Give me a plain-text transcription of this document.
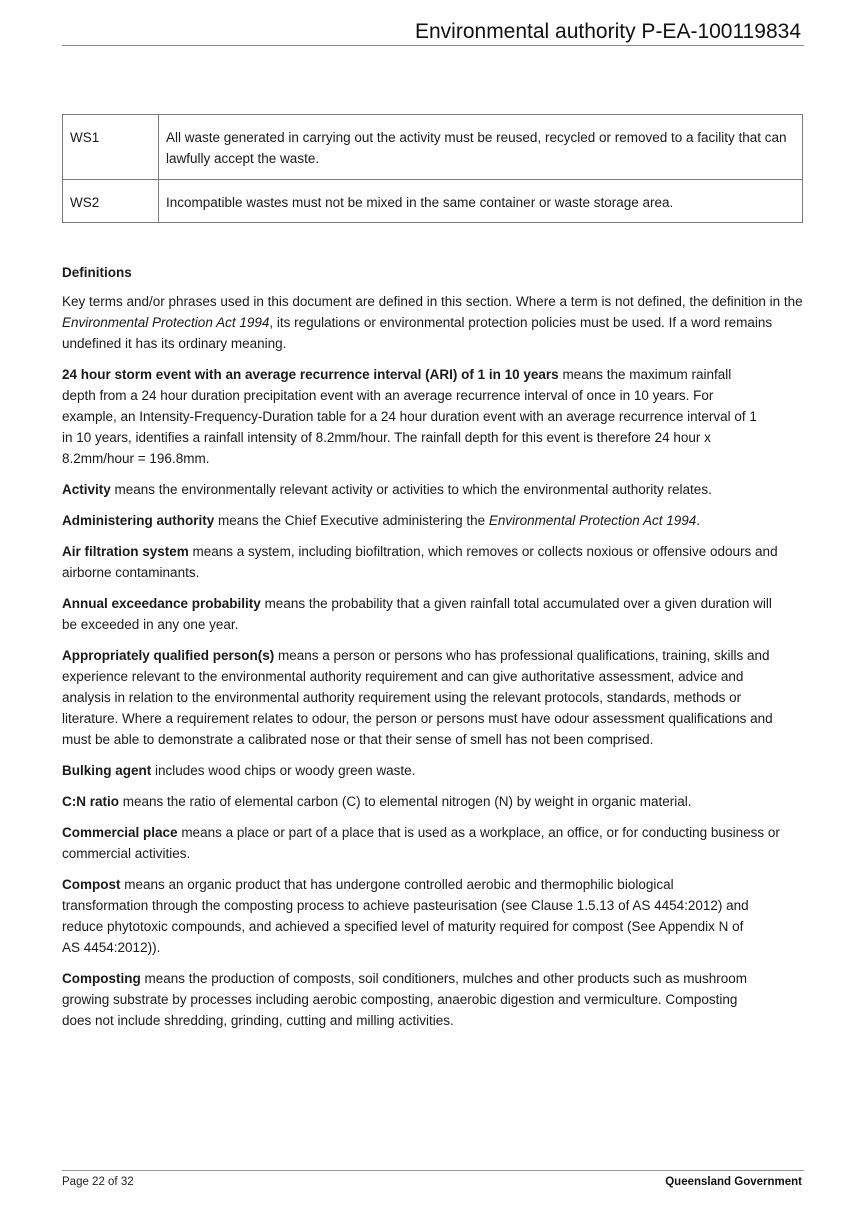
Environmental authority P-EA-100119834
WS1	All waste generated in carrying out the activity must be reused, recycled or removed to a facility that can lawfully accept the waste.
WS2	Incompatible wastes must not be mixed in the same container or waste storage area.
Definitions

Key terms and/or phrases used in this document are defined in this section. Where a term is not defined, the definition in the Environmental Protection Act 1994, its regulations or environmental protection policies must be used. If a word remains undefined it has its ordinary meaning.

24 hour storm event with an average recurrence interval (ARI) of 1 in 10 years means the maximum rainfall depth from a 24 hour duration precipitation event with an average recurrence interval of once in 10 years. For example, an Intensity-Frequency-Duration table for a 24 hour duration event with an average recurrence interval of 1 in 10 years, identifies a rainfall intensity of 8.2mm/hour. The rainfall depth for this event is therefore 24 hour x 8.2mm/hour = 196.8mm.

Activity means the environmentally relevant activity or activities to which the environmental authority relates.

Administering authority means the Chief Executive administering the Environmental Protection Act 1994.

Air filtration system means a system, including biofiltration, which removes or collects noxious or offensive odours and airborne contaminants.

Annual exceedance probability means the probability that a given rainfall total accumulated over a given duration will be exceeded in any one year.

Appropriately qualified person(s) means a person or persons who has professional qualifications, training, skills and experience relevant to the environmental authority requirement and can give authoritative assessment, advice and analysis in relation to the environmental authority requirement using the relevant protocols, standards, methods or literature. Where a requirement relates to odour, the person or persons must have odour assessment qualifications and must be able to demonstrate a calibrated nose or that their sense of smell has not been comprised.

Bulking agent includes wood chips or woody green waste.

C:N ratio means the ratio of elemental carbon (C) to elemental nitrogen (N) by weight in organic material.

Commercial place means a place or part of a place that is used as a workplace, an office, or for conducting business or commercial activities.

Compost means an organic product that has undergone controlled aerobic and thermophilic biological transformation through the composting process to achieve pasteurisation (see Clause 1.5.13 of AS 4454:2012) and reduce phytotoxic compounds, and achieved a specified level of maturity required for compost (See Appendix N of AS 4454:2012)).

Composting means the production of composts, soil conditioners, mulches and other products such as mushroom growing substrate by processes including aerobic composting, anaerobic digestion and vermiculture. Composting does not include shredding, grinding, cutting and milling activities.

Page 22 of 32	Queensland Government
